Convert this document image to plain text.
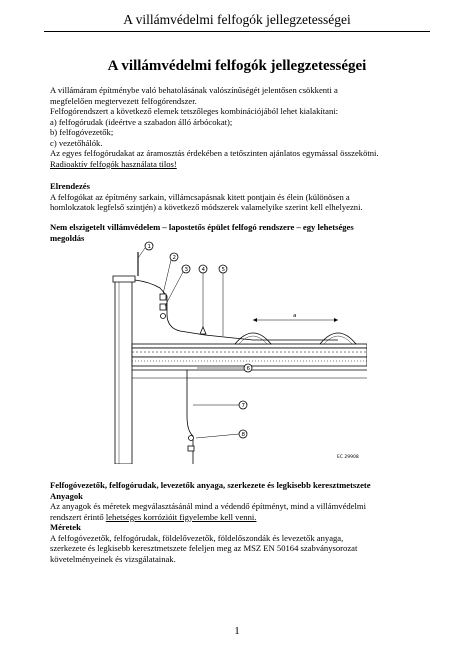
A villámvédelmi felfogók jellegzetességei
A villámvédelmi felfogók jellegzetességei

A villámáram építménybe való behatolásának valószínűségét jelentősen csökkenti a

megfelelően megtervezett felfogórendszer.

Felfogórendszert a következő elemek tetszőleges kombinációjából lehet kialakítani:

a) felfogórudak (ideértve a szabadon álló árbócokat);

b) felfogóvezetők;

c) vezetőhálók.

Az egyes felfogórudakat az áramosztás érdekében a tetőszinten ajánlatos egymással összekötni.

Radioaktív felfogók használata tilos!

Elrendezés

A felfogókat az építmény sarkain, villámcsapásnak kitett pontjain és élein (különösen a

homlokzatok legfelső szintjén) a következő módszerek valamelyike szerint kell elhelyezni.

Nem elszigetelt villámvédelem – lapostetős épület felfogó rendszere – egy lehetséges

megoldás

a
1
2
3 4	5
6
7
8
EC 29908

Felfogóvezetők, felfogórudak, levezetők anyaga, szerkezete és legkisebb keresztmetszete

Anyagok

Az anyagok és méretek megválasztásánál mind a védendő építményt, mind a villámvédelmi

rendszert érintő lehetséges korrózióit figyelembe kell venni.

Méretek

A felfogóvezetők, felfogórudak, földelővezetők, földelőszondák és levezetők anyaga,

szerkezete és legkisebb keresztmetszete feleljen meg az MSZ EN 50164 szabványsorozat

követelményeinek és vizsgálatainak.

1
